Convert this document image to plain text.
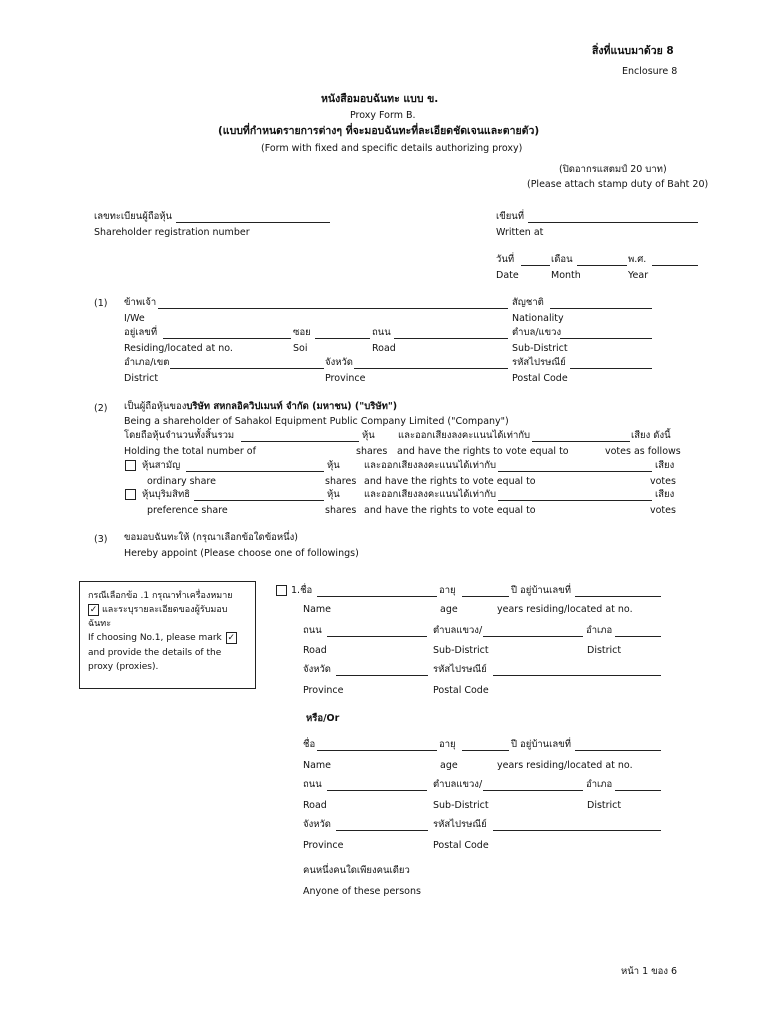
สิ่งที่แนบมาด้วย 8
Enclosure 8
หนังสือมอบฉันทะ แบบ ข.
Proxy Form B.
(แบบที่กำหนดรายการต่างๆ ที่จะมอบฉันทะที่ละเอียดชัดเจนและตายตัว)
(Form with fixed and specific details authorizing proxy)
(ปิดอากรแสตมป์ 20 บาท)
(Please attach stamp duty of Baht 20)
เลขทะเบียนผู้ถือหุ้น
Shareholder registration number
เขียนที่
Written at
วันที่	เดือน	พ.ศ.
Date	Month	Year
(1) ข้าพเจ้า	สัญชาติ
I/We	Nationality
อยู่เลขที่	ซอย	ถนน	ตำบล/แขวง
Residing/located at no.	Soi	Road	Sub-District
อำเภอ/เขต	จังหวัด	รหัสไปรษณีย์
District	Province	Postal Code
(2) เป็นผู้ถือหุ้นของบริษัท สหกลอิควิปเมนท์ จำกัด (มหาชน) ("บริษัท")
Being a shareholder of Sahakol Equipment Public Company Limited ("Company")
โดยถือหุ้นจำนวนทั้งสิ้นรวม	หุ้น และออกเสียงลงคะแนนได้เท่ากับ	เสียง ดังนี้
Holding the total number of	shares and have the rights to vote equal to	votes as follows
หุ้นสามัญ	หุ้น	และออกเสียงลงคะแนนได้เท่ากับ	เสียง
ordinary share	shares and have the rights to vote equal to	votes
หุ้นบุริมสิทธิ	หุ้น	และออกเสียงลงคะแนนได้เท่ากับ	เสียง
preference share	shares and have the rights to vote equal to	votes
(3) ขอมอบฉันทะให้ (กรุณาเลือกข้อใดข้อหนึ่ง)
Hereby appoint (Please choose one of followings)
กรณีเลือกข้อ .1 กรุณาทำเครื่องหมาย
✓ และระบุรายละเอียดของผู้รับมอบ
ฉันทะ
If choosing No.1, please mark ✓
and provide the details of the
proxy (proxies).
1.ชื่อ	อายุ	ปี อยู่บ้านเลขที่
Name	age	years residing/located at no.
ถนน	ตำบลแขวง/	อำเภอ
Road	Sub-District	District
จังหวัด	รหัสไปรษณีย์
Province	Postal Code
หรือ/Or
ชื่อ	อายุ	ปี อยู่บ้านเลขที่
Name	age	years residing/located at no.
ถนน	ตำบลแขวง/	อำเภอ
Road	Sub-District	District
จังหวัด	รหัสไปรษณีย์
Province	Postal Code
คนหนึ่งคนใดเพียงคนเดียว
Anyone of these persons
หน้า 1 ของ 6
